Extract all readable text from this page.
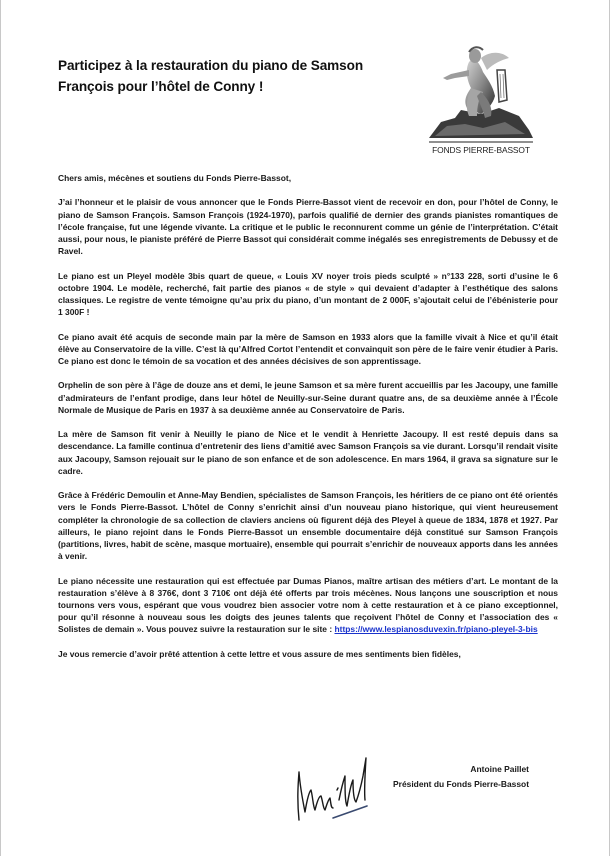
Participez à la restauration du piano de Samson François pour l’hôtel de Conny !
FONDS PIERRE-BASSOT

Chers amis, mécènes et soutiens du Fonds Pierre-Bassot,

J’ai l’honneur et le plaisir de vous annoncer que le Fonds Pierre-Bassot vient de recevoir en don, pour l’hôtel de Conny, le piano de Samson François. Samson François (1924-1970), parfois qualifié de dernier des grands pianistes romantiques de l’école française, fut une légende vivante. La critique et le public le reconnurent comme un génie de l’interprétation. C’était aussi, pour nous, le pianiste préféré de Pierre Bassot qui considérait comme inégalés ses enregistrements de Debussy et de Ravel.

Le piano est un Pleyel modèle 3bis quart de queue, « Louis XV noyer trois pieds sculpté » n°133 228, sorti d’usine le 6 octobre 1904. Le modèle, recherché, fait partie des pianos « de style » qui devaient d’adapter à l’esthétique des salons classiques. Le registre de vente témoigne qu’au prix du piano, d’un montant de 2 000F, s’ajoutait celui de l’ébénisterie pour 1 300F !

Ce piano avait été acquis de seconde main par la mère de Samson en 1933 alors que la famille vivait à Nice et qu’il était élève au Conservatoire de la ville. C’est là qu’Alfred Cortot l’entendit et convainquit son père de le faire venir étudier à Paris. Ce piano est donc le témoin de sa vocation et des années décisives de son apprentissage.

Orphelin de son père à l’âge de douze ans et demi, le jeune Samson et sa mère furent accueillis par les Jacoupy, une famille d’admirateurs de l’enfant prodige, dans leur hôtel de Neuilly-sur-Seine durant quatre ans, de sa deuxième année à l’École Normale de Musique de Paris en 1937 à sa deuxième année au Conservatoire de Paris.

La mère de Samson fit venir à Neuilly le piano de Nice et le vendit à Henriette Jacoupy. Il est resté depuis dans sa descendance. La famille continua d’entretenir des liens d’amitié avec Samson François sa vie durant. Lorsqu’il rendait visite aux Jacoupy, Samson rejouait sur le piano de son enfance et de son adolescence. En mars 1964, il grava sa signature sur le cadre.

Grâce à Frédéric Demoulin et Anne-May Bendien, spécialistes de Samson François, les héritiers de ce piano ont été orientés vers le Fonds Pierre-Bassot. L’hôtel de Conny s’enrichit ainsi d’un nouveau piano historique, qui vient heureusement compléter la chronologie de sa collection de claviers anciens où figurent déjà des Pleyel à queue de 1834, 1878 et 1927. Par ailleurs, le piano rejoint dans le Fonds Pierre-Bassot un ensemble documentaire déjà constitué sur Samson François (partitions, livres, habit de scène, masque mortuaire), ensemble qui pourrait s’enrichir de nouveaux apports dans les années à venir.

Le piano nécessite une restauration qui est effectuée par Dumas Pianos, maître artisan des métiers d’art. Le montant de la restauration s’élève à 8 376€, dont 3 710€ ont déjà été offerts par trois mécènes. Nous lançons une souscription et nous tournons vers vous, espérant que vous voudrez bien associer votre nom à cette restauration et à ce piano exceptionnel, pour qu’il résonne à nouveau sous les doigts des jeunes talents que reçoivent l’hôtel de Conny et l’association des « Solistes de demain ». Vous pouvez suivre la restauration sur le site : https://www.lespianosduvexin.fr/piano-pleyel-3-bis

Je vous remercie d’avoir prêté attention à cette lettre et vous assure de mes sentiments bien fidèles,

Antoine Paillet
Président du Fonds Pierre-Bassot
